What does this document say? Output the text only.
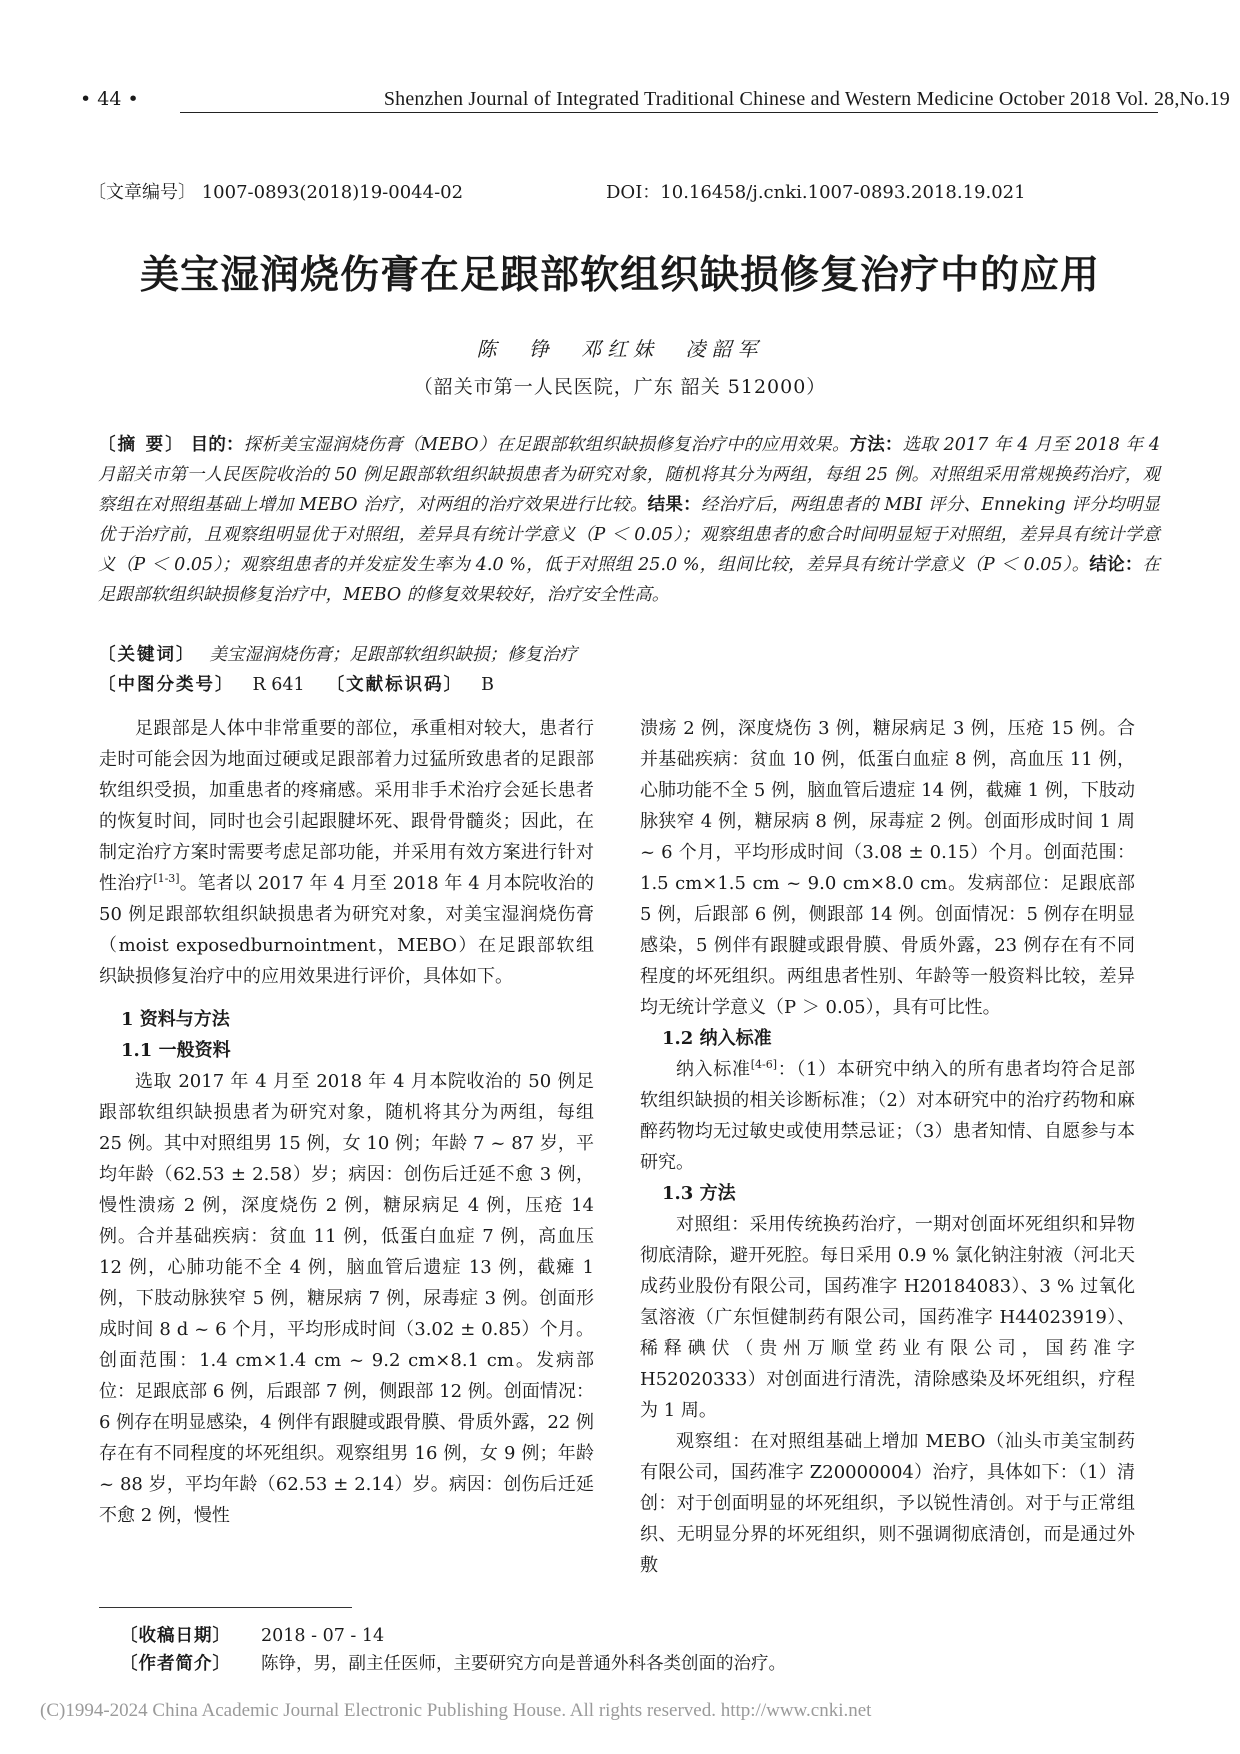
• 44 •	Shenzhen Journal of Integrated Traditional Chinese and Western Medicine October 2018 Vol. 28,No.19
〔文章编号〕 1007-0893(2018)19-0044-02	DOI：10.16458/j.cnki.1007-0893.2018.19.021
美宝湿润烧伤膏在足跟部软组织缺损修复治疗中的应用
陈 铮 邓红妹 凌韶军
（韶关市第一人民医院，广东 韶关 512000）
〔摘 要〕 目的：探析美宝湿润烧伤膏（MEBO）在足跟部软组织缺损修复治疗中的应用效果。方法：选取 2017 年 4 月至 2018 年 4 月韶关市第一人民医院收治的 50 例足跟部软组织缺损患者为研究对象，随机将其分为两组，每组 25 例。对照组采用常规换药治疗，观察组在对照组基础上增加 MEBO 治疗，对两组的治疗效果进行比较。结果：经治疗后，两组患者的 MBI 评分、Enneking 评分均明显优于治疗前，且观察组明显优于对照组，差异具有统计学意义（P ＜ 0.05）；观察组患者的愈合时间明显短于对照组，差异具有统计学意义（P ＜ 0.05）；观察组患者的并发症发生率为 4.0 %，低于对照组 25.0 %，组间比较，差异具有统计学意义（P ＜ 0.05）。结论：在足跟部软组织缺损修复治疗中，MEBO 的修复效果较好，治疗安全性高。
〔关键词〕 美宝湿润烧伤膏；足跟部软组织缺损；修复治疗
〔中图分类号〕 R 641 〔文献标识码〕 B

足跟部是人体中非常重要的部位，承重相对较大，患者行走时可能会因为地面过硬或足跟部着力过猛所致患者的足跟部软组织受损，加重患者的疼痛感。采用非手术治疗会延长患者的恢复时间，同时也会引起跟腱坏死、跟骨骨髓炎；因此，在制定治疗方案时需要考虑足部功能，并采用有效方案进行针对性治疗[1-3]。笔者以 2017 年 4 月至 2018 年 4 月本院收治的 50 例足跟部软组织缺损患者为研究对象，对美宝湿润烧伤膏（moist exposedburnointment，MEBO）在足跟部软组织缺损修复治疗中的应用效果进行评价，具体如下。

1 资料与方法
1.1 一般资料

选取 2017 年 4 月至 2018 年 4 月本院收治的 50 例足跟部软组织缺损患者为研究对象，随机将其分为两组，每组 25 例。其中对照组男 15 例，女 10 例；年龄 7 ~ 87 岁，平均年龄（62.53 ± 2.58）岁；病因：创伤后迁延不愈 3 例，慢性溃疡 2 例，深度烧伤 2 例，糖尿病足 4 例，压疮 14 例。合并基础疾病：贫血 11 例，低蛋白血症 7 例，高血压 12 例，心肺功能不全 4 例，脑血管后遗症 13 例，截瘫 1 例，下肢动脉狭窄 5 例，糖尿病 7 例，尿毒症 3 例。创面形成时间 8 d ~ 6 个月，平均形成时间（3.02 ± 0.85）个月。创面范围：1.4 cm×1.4 cm ~ 9.2 cm×8.1 cm。发病部位：足跟底部 6 例，后跟部 7 例，侧跟部 12 例。创面情况：6 例存在明显感染，4 例伴有跟腱或跟骨膜、骨质外露，22 例存在有不同程度的坏死组织。观察组男 16 例，女 9 例；年龄 ~ 88 岁，平均年龄（62.53 ± 2.14）岁。病因：创伤后迁延不愈 2 例，慢性

溃疡 2 例，深度烧伤 3 例，糖尿病足 3 例，压疮 15 例。合并基础疾病：贫血 10 例，低蛋白血症 8 例，高血压 11 例，心肺功能不全 5 例，脑血管后遗症 14 例，截瘫 1 例，下肢动脉狭窄 4 例，糖尿病 8 例，尿毒症 2 例。创面形成时间 1 周 ~ 6 个月，平均形成时间（3.08 ± 0.15）个月。创面范围：1.5 cm×1.5 cm ~ 9.0 cm×8.0 cm。发病部位：足跟底部 5 例，后跟部 6 例，侧跟部 14 例。创面情况：5 例存在明显感染，5 例伴有跟腱或跟骨膜、骨质外露，23 例存在有不同程度的坏死组织。两组患者性别、年龄等一般资料比较，差异均无统计学意义（P ＞ 0.05），具有可比性。

1.2 纳入标准

纳入标准[4-6]：（1）本研究中纳入的所有患者均符合足部软组织缺损的相关诊断标准；（2）对本研究中的治疗药物和麻醉药物均无过敏史或使用禁忌证；（3）患者知情、自愿参与本研究。

1.3 方法

对照组：采用传统换药治疗，一期对创面坏死组织和异物彻底清除，避开死腔。每日采用 0.9 % 氯化钠注射液（河北天成药业股份有限公司，国药准字 H20184083）、3 % 过氧化氢溶液（广东恒健制药有限公司，国药准字 H44023919）、稀释碘伏（贵州万顺堂药业有限公司，国药准字 H52020333）对创面进行清洗，清除感染及坏死组织，疗程为 1 周。

观察组：在对照组基础上增加 MEBO（汕头市美宝制药有限公司，国药准字 Z20000004）治疗，具体如下：（1）清创：对于创面明显的坏死组织，予以锐性清创。对于与正常组织、无明显分界的坏死组织，则不强调彻底清创，而是通过外敷

〔收稿日期〕 2018 - 07 - 14
〔作者简介〕 陈铮，男，副主任医师，主要研究方向是普通外科各类创面的治疗。
(C)1994-2024 China Academic Journal Electronic Publishing House. All rights reserved. http://www.cnki.net
